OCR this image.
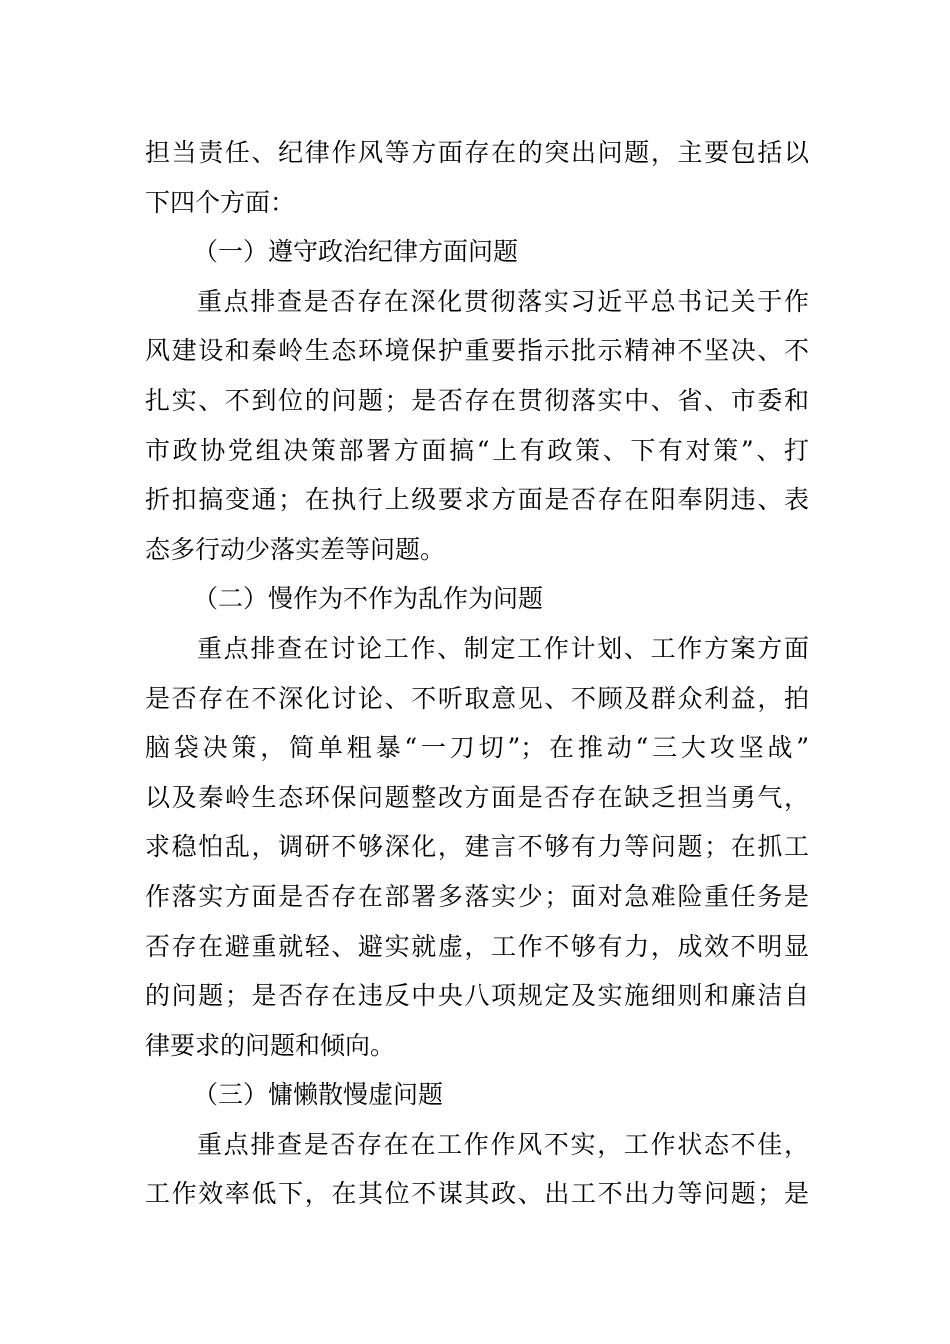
担当责任、纪律作风等方面存在的突出问题，主要包括以
下四个方面：
（一）遵守政治纪律方面问题
重点排查是否存在深化贯彻落实习近平总书记关于作
风建设和秦岭生态环境保护重要指示批示精神不坚决、不
扎实、不到位的问题；是否存在贯彻落实中、省、市委和
市政协党组决策部署方面搞“上有政策、下有对策”、打
折扣搞变通；在执行上级要求方面是否存在阳奉阴违、表
态多行动少落实差等问题。
（二）慢作为不作为乱作为问题
重点排查在讨论工作、制定工作计划、工作方案方面
是否存在不深化讨论、不听取意见、不顾及群众利益，拍
脑袋决策，简单粗暴“一刀切”；在推动“三大攻坚战”
以及秦岭生态环保问题整改方面是否存在缺乏担当勇气，
求稳怕乱，调研不够深化，建言不够有力等问题；在抓工
作落实方面是否存在部署多落实少；面对急难险重任务是
否存在避重就轻、避实就虚，工作不够有力，成效不明显
的问题；是否存在违反中央八项规定及实施细则和廉洁自
律要求的问题和倾向。
（三）慵懒散慢虚问题
重点排查是否存在在工作作风不实，工作状态不佳，
工作效率低下，在其位不谋其政、出工不出力等问题；是
